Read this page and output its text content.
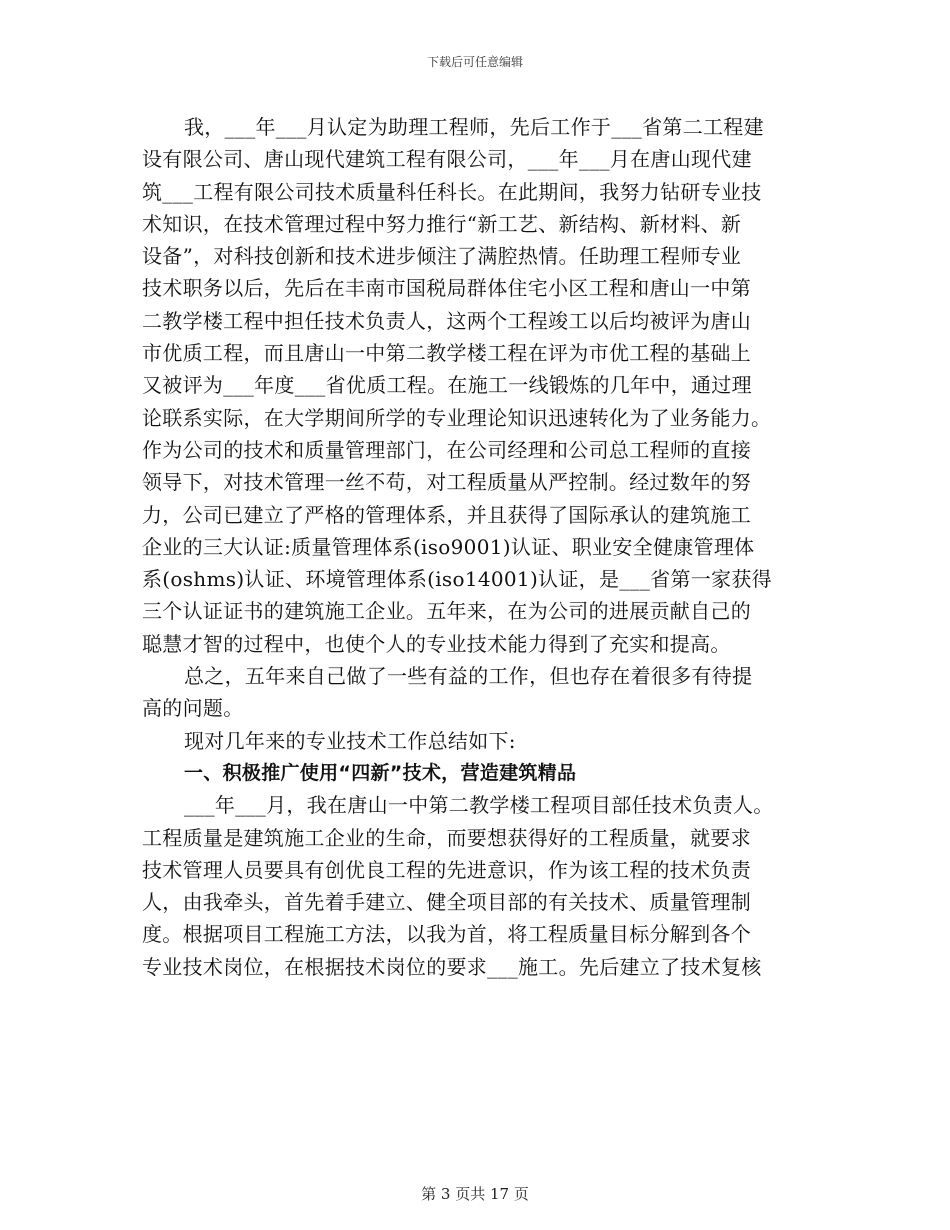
下载后可任意编辑
我，___年___月认定为助理工程师，先后工作于___省第二工程建
设有限公司、唐山现代建筑工程有限公司，___年___月在唐山现代建
筑___工程有限公司技术质量科任科长。在此期间，我努力钻研专业技
术知识，在技术管理过程中努力推行“新工艺、新结构、新材料、新
设备”，对科技创新和技术进步倾注了满腔热情。任助理工程师专业
技术职务以后，先后在丰南市国税局群体住宅小区工程和唐山一中第
二教学楼工程中担任技术负责人，这两个工程竣工以后均被评为唐山
市优质工程，而且唐山一中第二教学楼工程在评为市优工程的基础上
又被评为___年度___省优质工程。在施工一线锻炼的几年中，通过理
论联系实际，在大学期间所学的专业理论知识迅速转化为了业务能力。
作为公司的技术和质量管理部门，在公司经理和公司总工程师的直接
领导下，对技术管理一丝不苟，对工程质量从严控制。经过数年的努
力，公司已建立了严格的管理体系，并且获得了国际承认的建筑施工
企业的三大认证:质量管理体系(iso9001)认证、职业安全健康管理体
系(oshms)认证、环境管理体系(iso14001)认证，是___省第一家获得
三个认证证书的建筑施工企业。五年来，在为公司的进展贡献自己的
聪慧才智的过程中，也使个人的专业技术能力得到了充实和提高。
总之，五年来自己做了一些有益的工作，但也存在着很多有待提
高的问题。
现对几年来的专业技术工作总结如下:
一、积极推广使用“四新”技术，营造建筑精品
___年___月，我在唐山一中第二教学楼工程项目部任技术负责人。
工程质量是建筑施工企业的生命，而要想获得好的工程质量，就要求
技术管理人员要具有创优良工程的先进意识，作为该工程的技术负责
人，由我牵头，首先着手建立、健全项目部的有关技术、质量管理制
度。根据项目工程施工方法，以我为首，将工程质量目标分解到各个
专业技术岗位，在根据技术岗位的要求___施工。先后建立了技术复核
第 3 页共 17 页
